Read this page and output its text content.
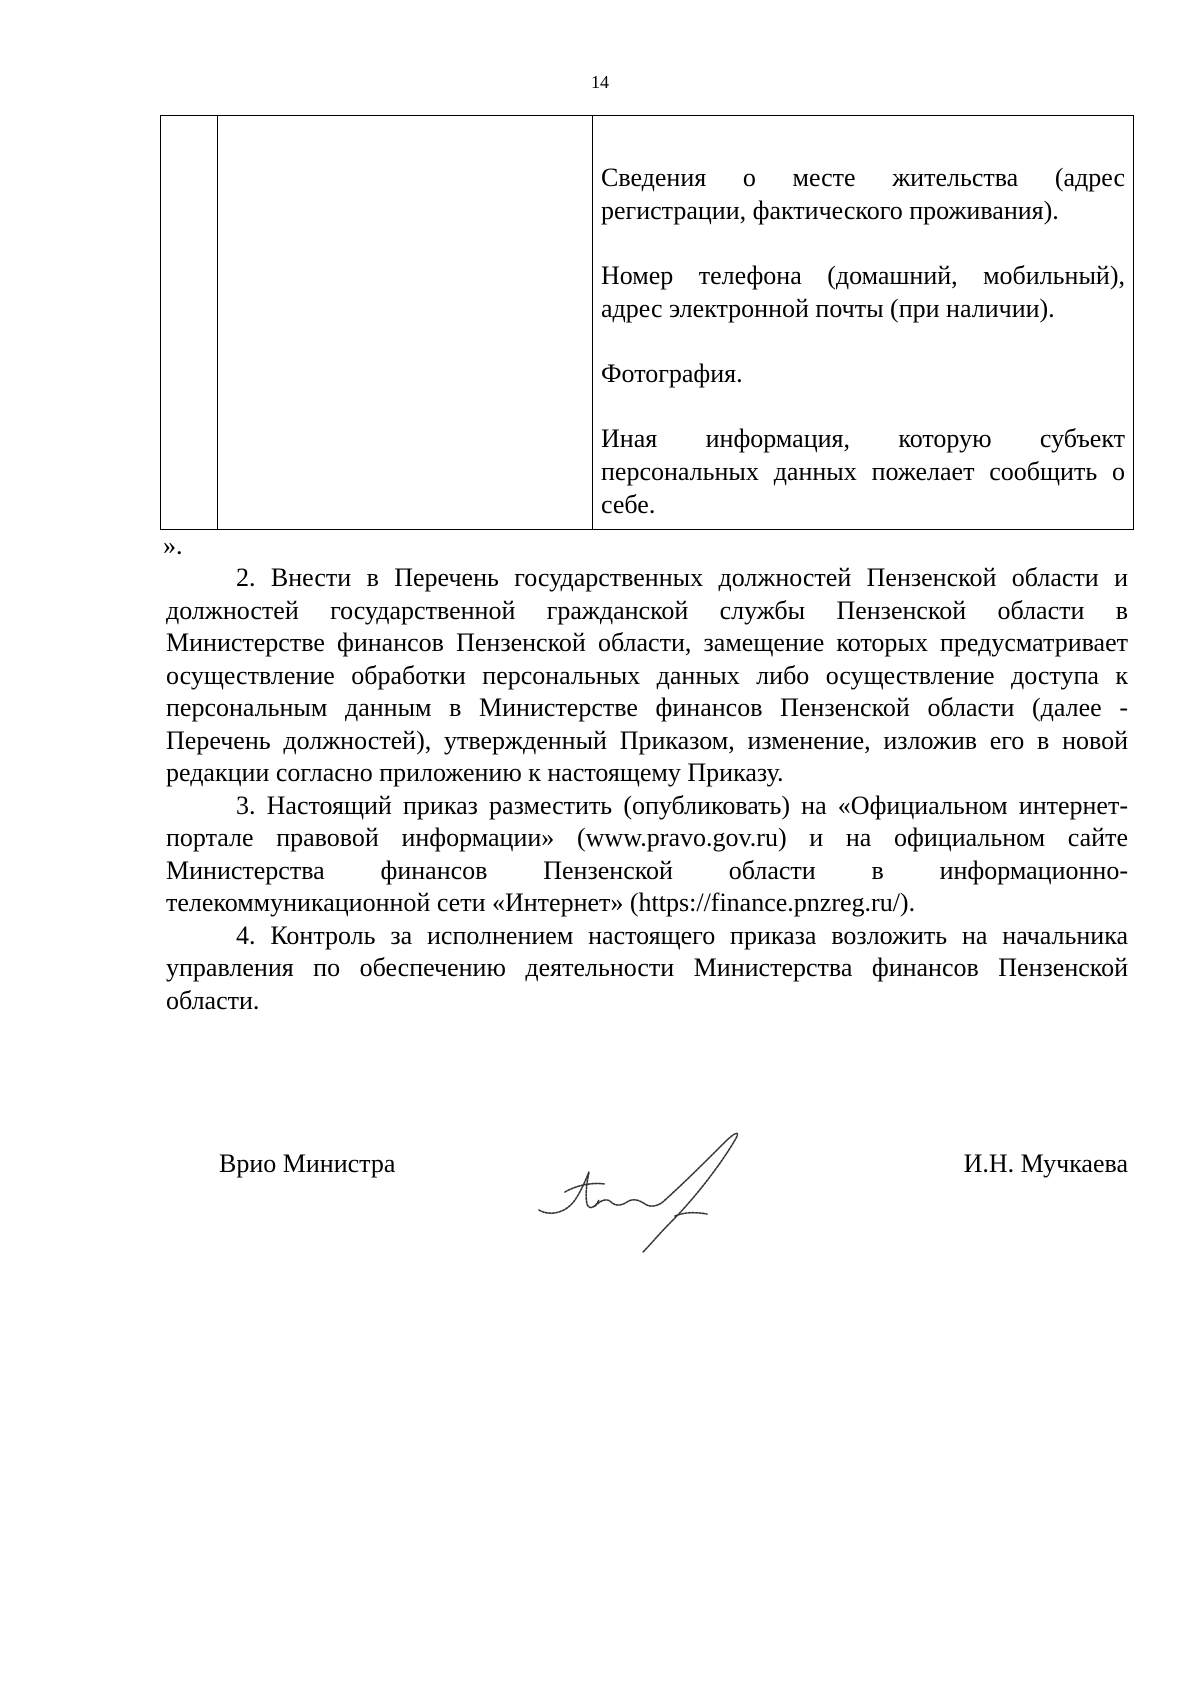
14

Сведения о месте жительства (адрес регистрации, фактического проживания).

Номер телефона (домашний, мобильный), адрес электронной почты (при наличии).

Фотография.

Иная информация, которую субъект персональных данных пожелает сообщить о себе.

».

2. Внести в Перечень государственных должностей Пензенской области и должностей государственной гражданской службы Пензенской области в Министерстве финансов Пензенской области, замещение которых предусматривает осуществление обработки персональных данных либо осуществление доступа к персональным данным в Министерстве финансов Пензенской области (далее - Перечень должностей), утвержденный Приказом, изменение, изложив его в новой редакции согласно приложению к настоящему Приказу.

3. Настоящий приказ разместить (опубликовать) на «Официальном интернет-портале правовой информации» (www.pravo.gov.ru) и на официальном сайте Министерства финансов Пензенской области в информационно-телекоммуникационной сети «Интернет» (https://finance.pnzreg.ru/).

4. Контроль за исполнением настоящего приказа возложить на начальника управления по обеспечению деятельности Министерства финансов Пензенской области.

Врио Министра	И.Н. Мучкаева
